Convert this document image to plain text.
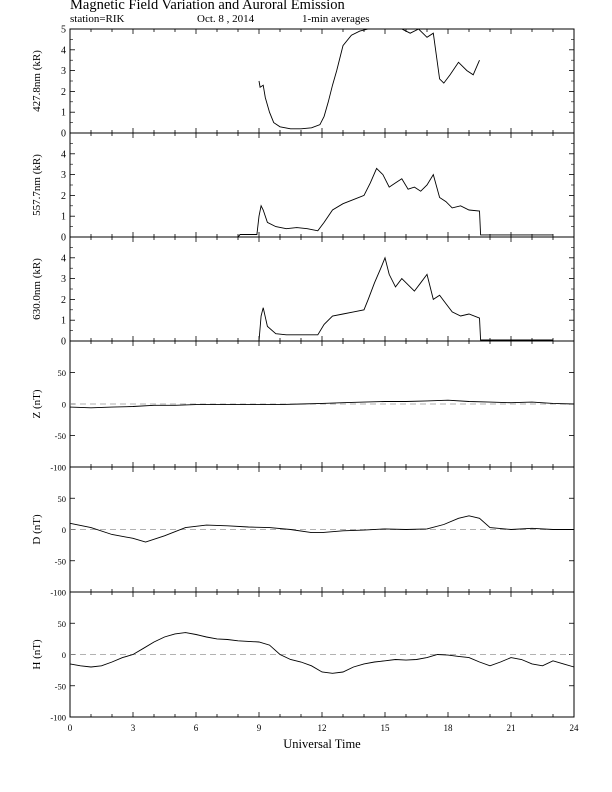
Magnetic Field Variation and Auroral Emission
station=RIK	Oct. 8 , 2014	1-min averages
0
1
2
3
4
5
427.8nm (kR)
0
1
2
3
4
557.7nm (kR)
0
1
2
3
4
630.0nm (kR)
-100
-50
0
50
Z (nT)
-100
-50
0
50
D (nT)
-100
-50
0
50
H (nT)
0	3	6	9	12	15	18	21	24
Universal Time
